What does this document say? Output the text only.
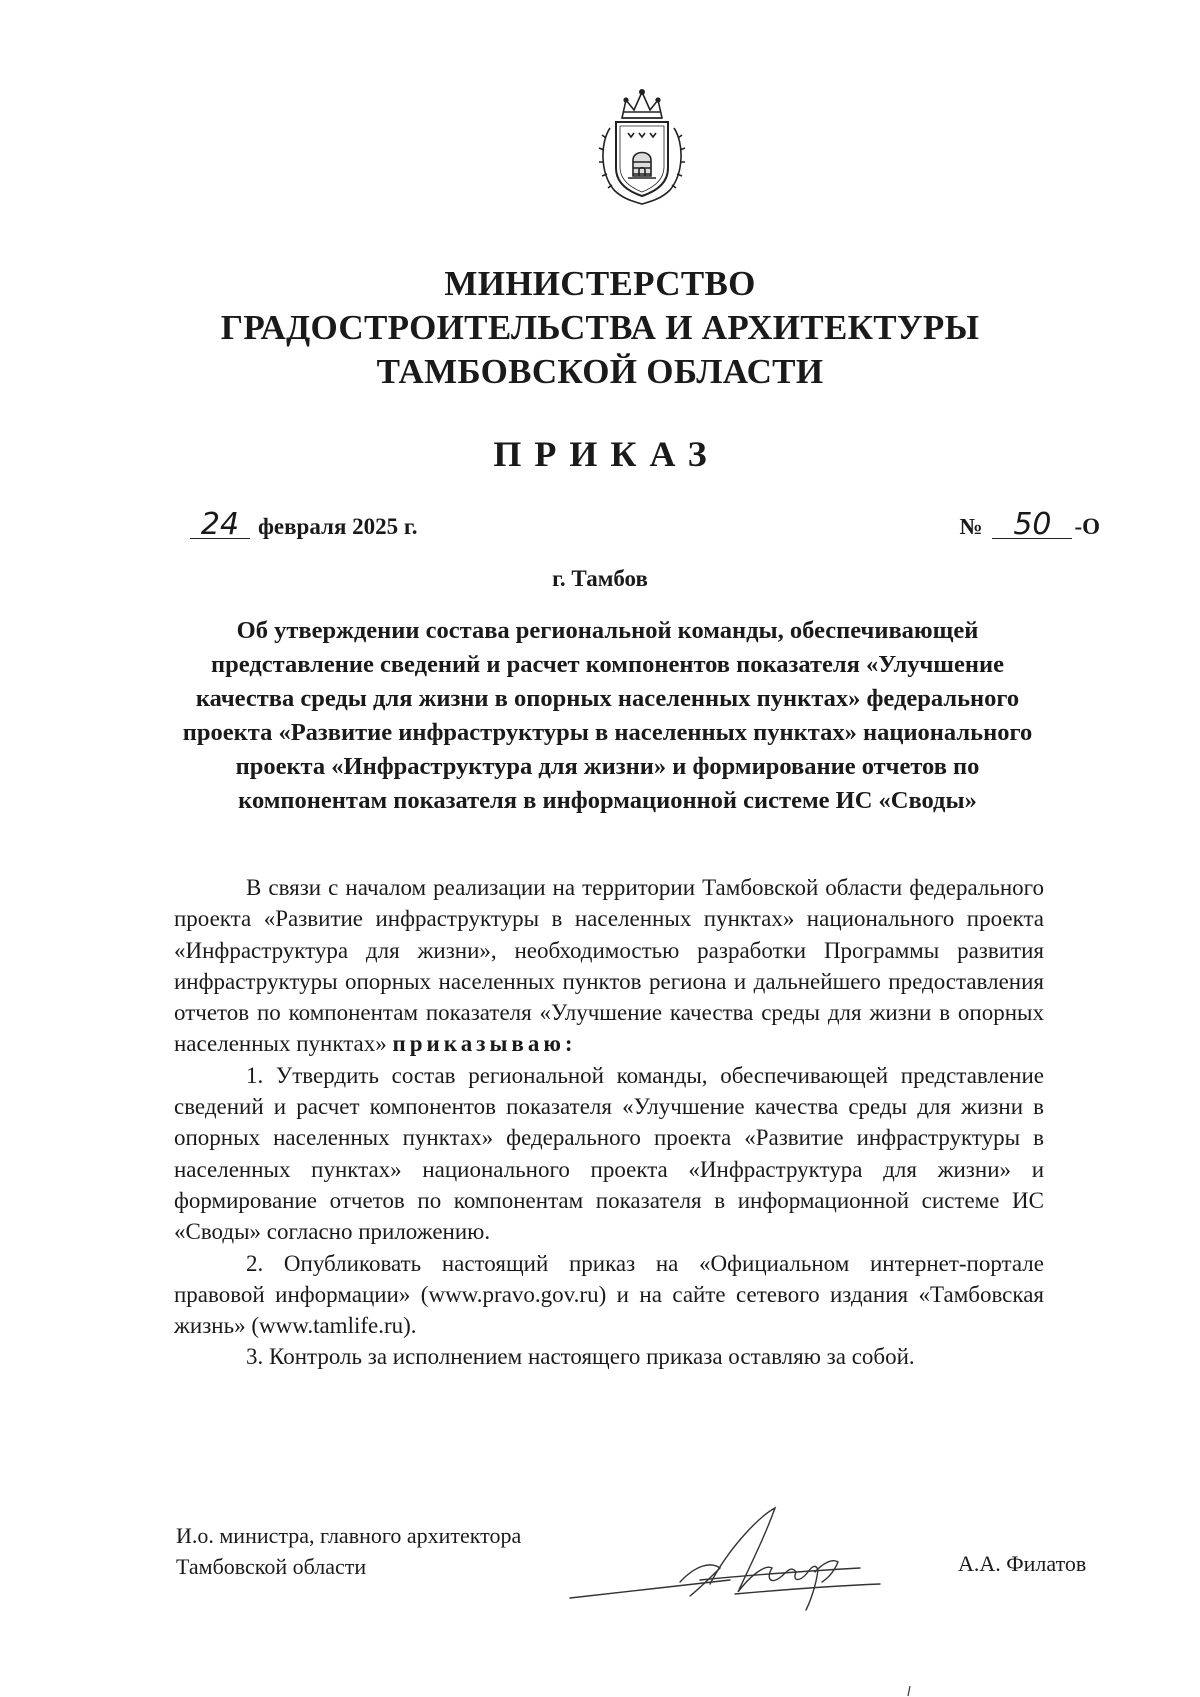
МИНИСТЕРСТВО
ГРАДОСТРОИТЕЛЬСТВА И АРХИТЕКТУРЫ
ТАМБОВСКОЙ ОБЛАСТИ
ПРИКАЗ
24 февраля 2025 г.	№ 50 -О
г. Тамбов
Об утверждении состава региональной команды, обеспечивающей представление сведений и расчет компонентов показателя «Улучшение качества среды для жизни в опорных населенных пунктах» федерального проекта «Развитие инфраструктуры в населенных пунктах» национального проекта «Инфраструктура для жизни» и формирование отчетов по компонентам показателя в информационной системе ИС «Своды»

В связи с началом реализации на территории Тамбовской области федерального проекта «Развитие инфраструктуры в населенных пунктах» национального проекта «Инфраструктура для жизни», необходимостью разработки Программы развития инфраструктуры опорных населенных пунктов региона и дальнейшего предоставления отчетов по компонентам показателя «Улучшение качества среды для жизни в опорных населенных пунктах» приказываю:

1. Утвердить состав региональной команды, обеспечивающей представление сведений и расчет компонентов показателя «Улучшение качества среды для жизни в опорных населенных пунктах» федерального проекта «Развитие инфраструктуры в населенных пунктах» национального проекта «Инфраструктура для жизни» и формирование отчетов по компонентам показателя в информационной системе ИС «Своды» согласно приложению.

2. Опубликовать настоящий приказ на «Официальном интернет-портале правовой информации» (www.pravo.gov.ru) и на сайте сетевого издания «Тамбовская жизнь» (www.tamlife.ru).

3. Контроль за исполнением настоящего приказа оставляю за собой.

И.о. министра, главного архитектора
Тамбовской области	А.А. Филатов
